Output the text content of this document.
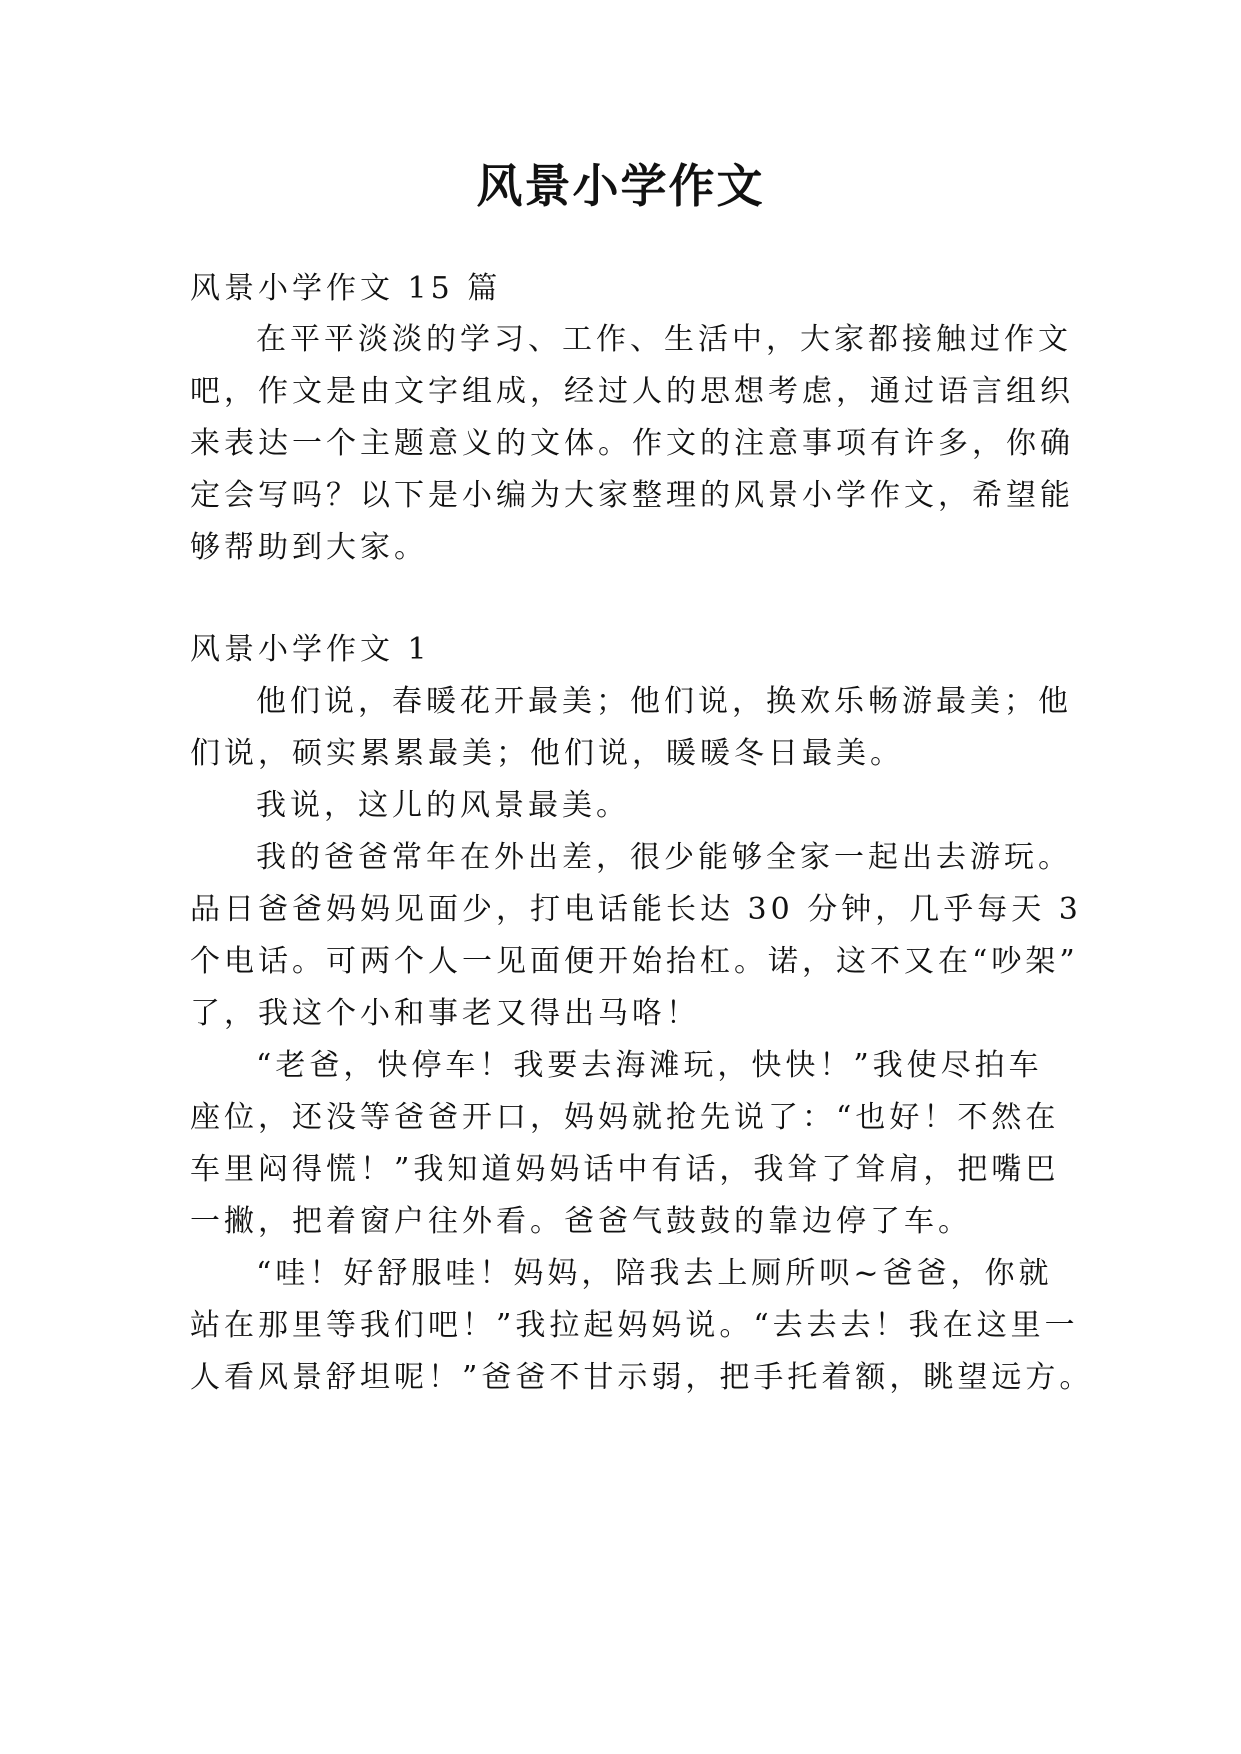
风景小学作文

风景小学作文 15 篇

在平平淡淡的学习、工作、生活中，大家都接触过作文

吧，作文是由文字组成，经过人的思想考虑，通过语言组织

来表达一个主题意义的文体。作文的注意事项有许多，你确

定会写吗？以下是小编为大家整理的风景小学作文，希望能

够帮助到大家。

风景小学作文 1

他们说，春暖花开最美；他们说，换欢乐畅游最美；他

们说，硕实累累最美；他们说，暖暖冬日最美。

我说，这儿的风景最美。

我的爸爸常年在外出差，很少能够全家一起出去游玩。

品日爸爸妈妈见面少，打电话能长达 30 分钟，几乎每天 3

个电话。可两个人一见面便开始抬杠。诺，这不又在“吵架”

了，我这个小和事老又得出马咯！

“老爸，快停车！我要去海滩玩，快快！”我使尽拍车

座位，还没等爸爸开口，妈妈就抢先说了：“也好！不然在

车里闷得慌！”我知道妈妈话中有话，我耸了耸肩，把嘴巴

一撇，把着窗户往外看。爸爸气鼓鼓的靠边停了车。

“哇！好舒服哇！妈妈，陪我去上厕所呗~爸爸，你就

站在那里等我们吧！”我拉起妈妈说。“去去去！我在这里一

人看风景舒坦呢！”爸爸不甘示弱，把手托着额，眺望远方。
